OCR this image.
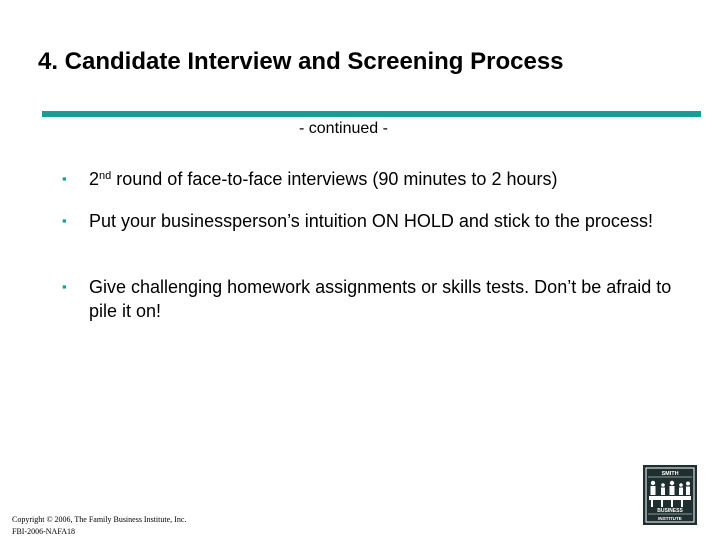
4. Candidate Interview and Screening Process
- continued -
▪	2nd round of face-to-face interviews (90 minutes to 2 hours)
▪	Put your businessperson’s intuition ON HOLD and stick to the process!
▪	Give challenging homework assignments or skills tests. Don’t be afraid to pile it on!
Copyright © 2006, The Family Business Institute, Inc.
FBI-2006-NAFA18
SMITH
BUSINESS
INSTITUTE
